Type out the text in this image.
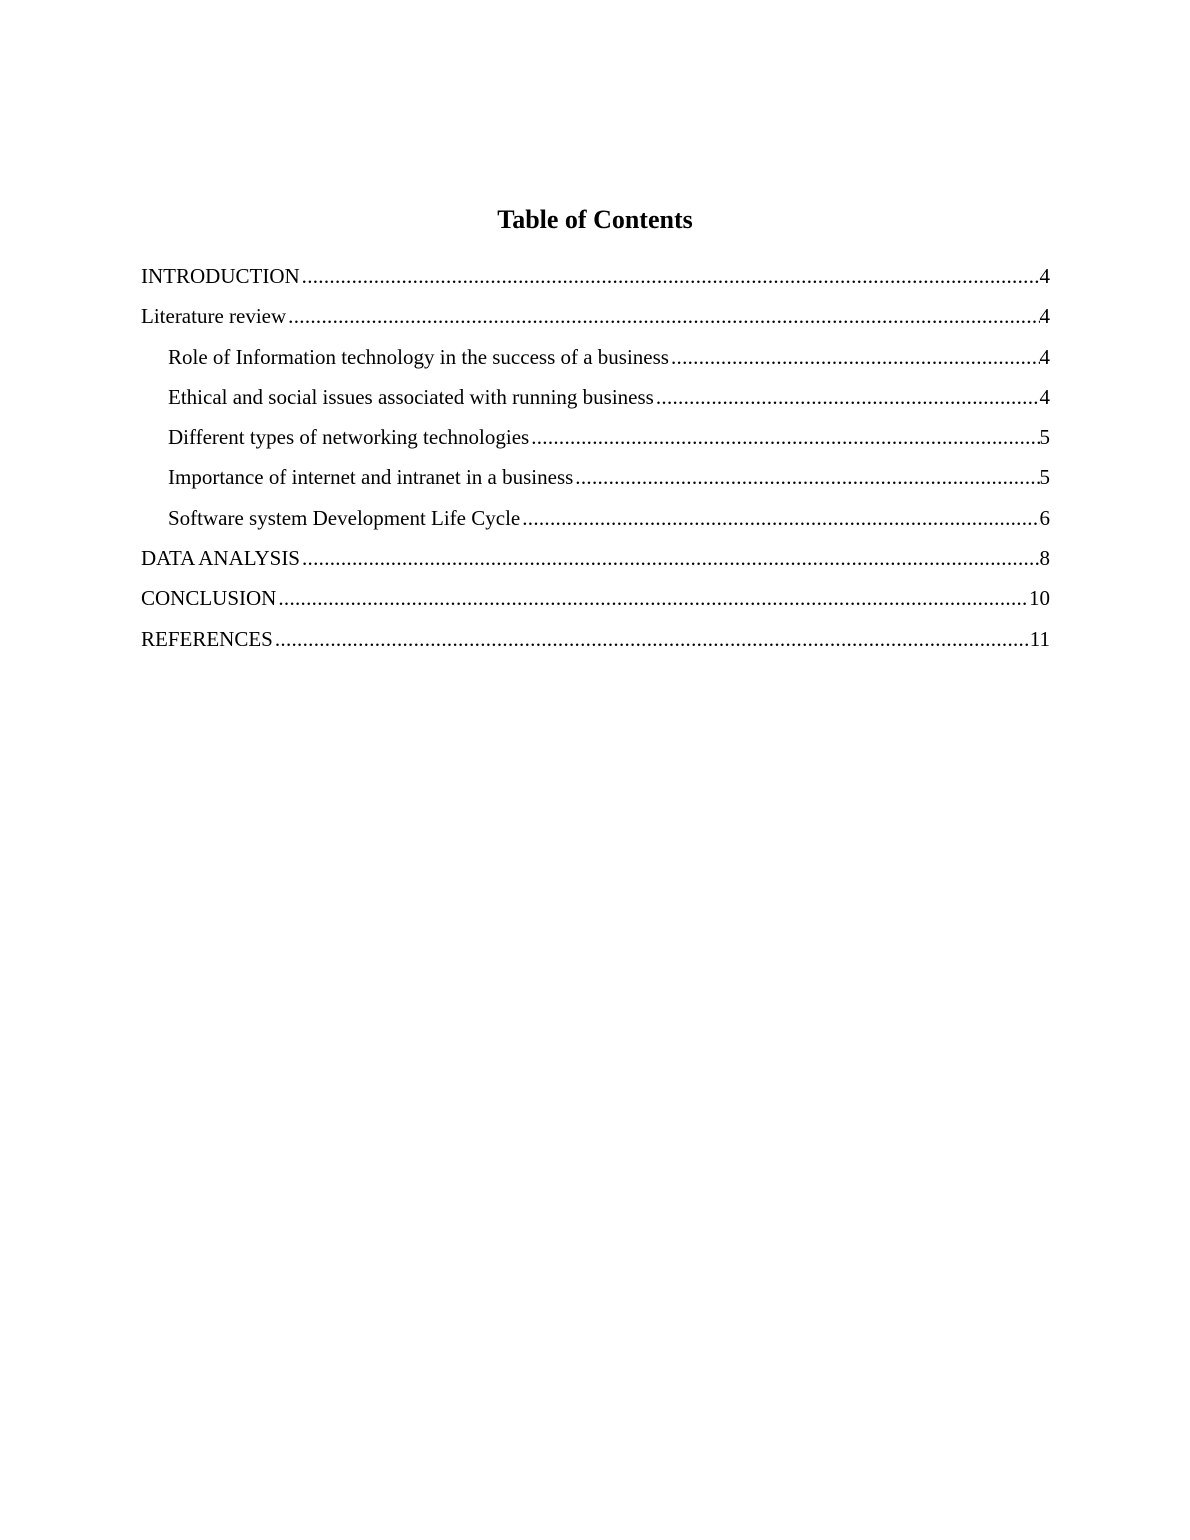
Table of Contents
INTRODUCTION .....	4
Literature review .....	4
Role of Information technology in the success of a business .....	4
Ethical and social issues associated with running business .....	4
Different types of networking technologies .....	5
Importance of internet and intranet in a business .....	5
Software system Development Life Cycle .....	6
DATA ANALYSIS .....	8
CONCLUSION .....	10
REFERENCES .....	11
